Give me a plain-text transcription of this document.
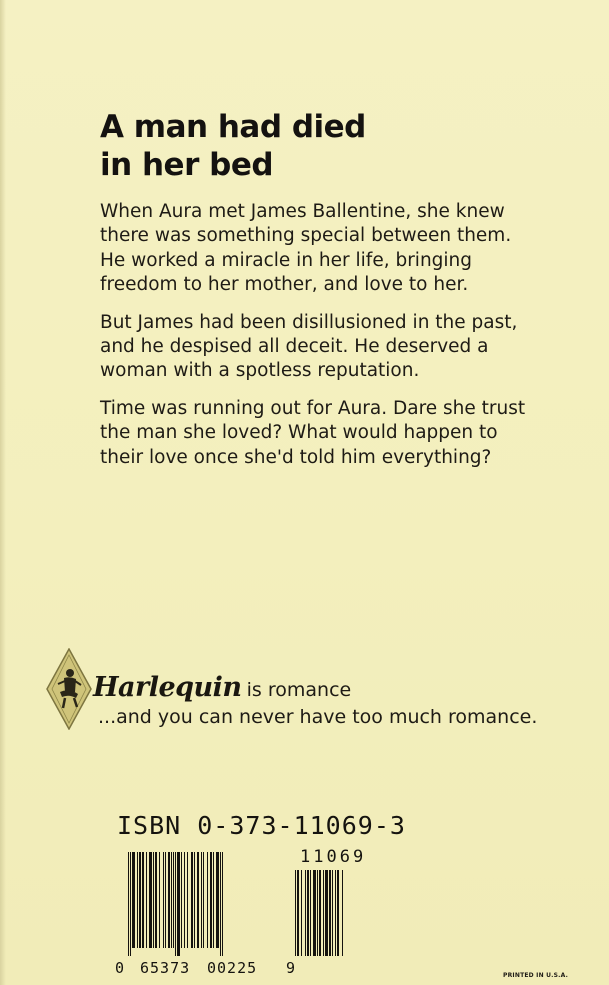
A man had died
in her bed

When Aura met James Ballentine, she knew there was something special between them. He worked a miracle in her life, bringing freedom to her mother, and love to her.

But James had been disillusioned in the past, and he despised all deceit. He deserved a woman with a spotless reputation.

Time was running out for Aura. Dare she trust the man she loved? What would happen to their love once she'd told him everything?

Harlequin is romance
...and you can never have too much romance.
ISBN 0-373-11069-3
11069
0 65373 00225 9	PRINTED IN U.S.A.
